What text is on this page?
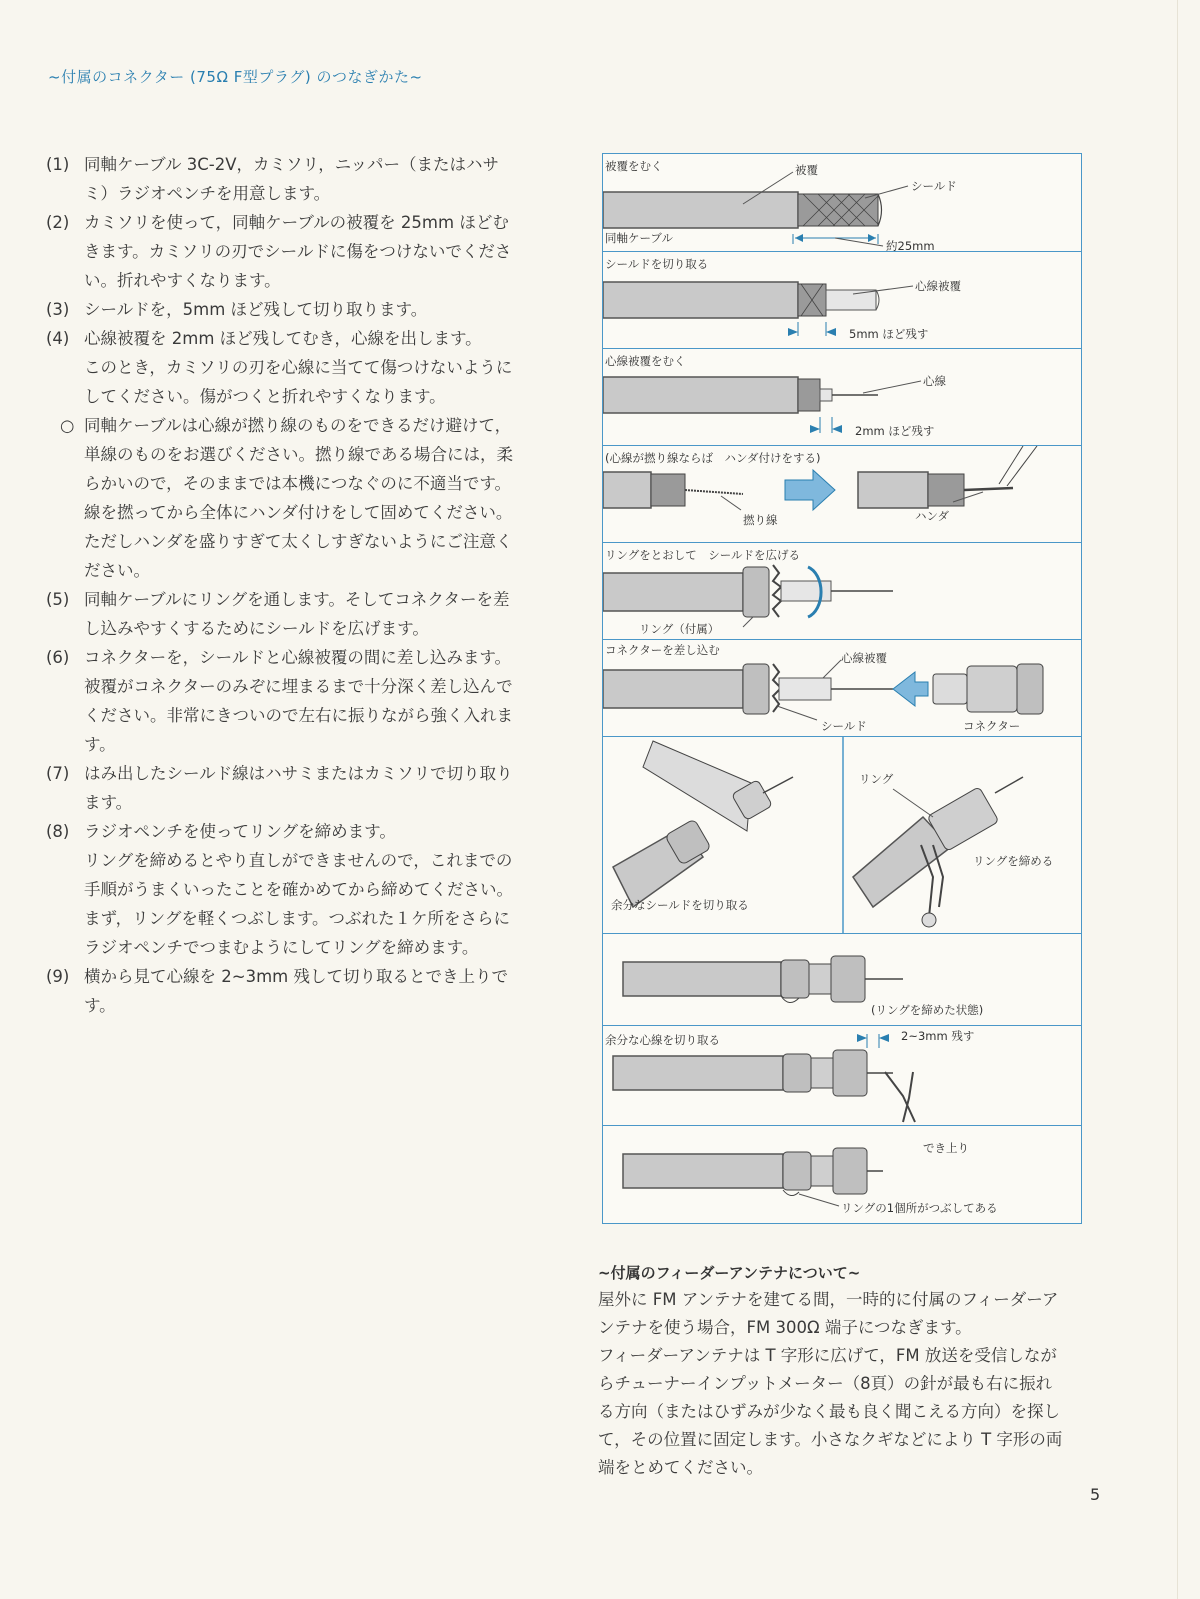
~付属のコネクター (75Ω F型プラグ) のつなぎかた~
(1) 同軸ケーブル 3C-2V，カミソリ，ニッパー（またはハサ
ミ）ラジオペンチを用意します。
(2) カミソリを使って，同軸ケーブルの被覆を 25mm ほどむ
きます。カミソリの刃でシールドに傷をつけないでくださ
い。折れやすくなります。
(3) シールドを，5mm ほど残して切り取ります。
(4) 心線被覆を 2mm ほど残してむき，心線を出します。
このとき，カミソリの刃を心線に当てて傷つけないように
してください。傷がつくと折れやすくなります。
○ 同軸ケーブルは心線が撚り線のものをできるだけ避けて，
単線のものをお選びください。撚り線である場合には，柔
らかいので，そのままでは本機につなぐのに不適当です。
線を撚ってから全体にハンダ付けをして固めてください。
ただしハンダを盛りすぎて太くしすぎないようにご注意く
ださい。
(5) 同軸ケーブルにリングを通します。そしてコネクターを差
し込みやすくするためにシールドを広げます。
(6) コネクターを，シールドと心線被覆の間に差し込みます。
被覆がコネクターのみぞに埋まるまで十分深く差し込んで
ください。非常にきついので左右に振りながら強く入れま
す。
(7) はみ出したシールド線はハサミまたはカミソリで切り取り
ます。
(8) ラジオペンチを使ってリングを締めます。
リングを締めるとやり直しができませんので，これまでの
手順がうまくいったことを確かめてから締めてください。
まず，リングを軽くつぶします。つぶれた１ケ所をさらに
ラジオペンチでつまむようにしてリングを締めます。
(9) 横から見て心線を 2~3mm 残して切り取るとでき上りで
す。
被覆をむく	被覆
シールド
同軸ケーブル
約25mm
シールドを切り取る
心線被覆
5mm ほど残す
心線被覆をむく
心線
2mm ほど残す
(心線が撚り線ならば　ハンダ付けをする)
撚り線	ハンダ
リングをとおして　シールドを広げる
リング（付属）
コネクターを差し込む
心線被覆
シールド	コネクター
余分なシールドを切り取る
リング
リングを締める
(リングを締めた状態)
余分な心線を切り取る	2~3mm 残す
でき上り
リングの1個所がつぶしてある
~付属のフィーダーアンテナについて~
屋外に FM アンテナを建てる間，一時的に付属のフィーダーア
ンテナを使う場合，FM 300Ω 端子につなぎます。
フィーダーアンテナは T 字形に広げて，FM 放送を受信しなが
らチューナーインプットメーター（8頁）の針が最も右に振れ
る方向（またはひずみが少なく最も良く聞こえる方向）を探し
て，その位置に固定します。小さなクギなどにより T 字形の両
端をとめてください。
5
